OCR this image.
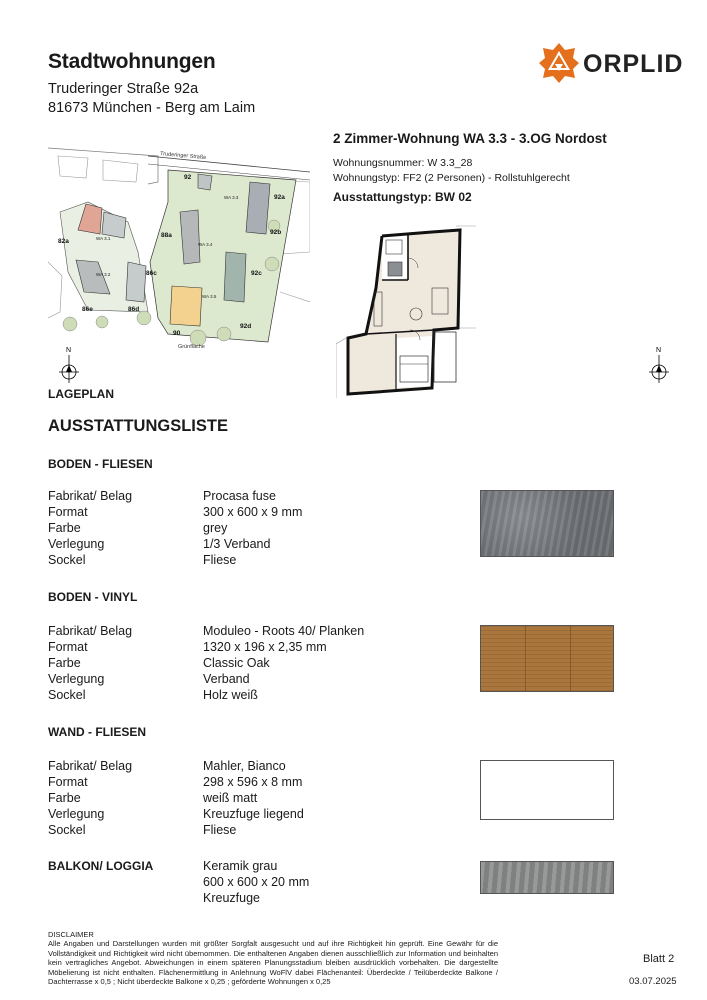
Stadtwohnungen
Truderinger Straße 92a
81673 München - Berg am Laim
ORPLID
2 Zimmer-Wohnung WA 3.3 - 3.OG Nordost
Wohnungsnummer: W 3.3_28
Wohnungstyp: FF2 (2 Personen) - Rollstuhlgerecht
Ausstattungstyp: BW 02
Truderinger Straße
92
92a
92b
92c
92d
88a
86c
86d
86e
82a
90
WA 3.1
WA 3.2
WA 3.3
WA 3.4
WA 3.5
Grünfläche
N	N
LAGEPLAN
AUSSTATTUNGSLISTE
BODEN - FLIESEN
Fabrikat/ Belag	Procasa fuse
Format	300 x 600 x 9 mm
Farbe	grey
Verlegung	1/3 Verband
Sockel	Fliese
BODEN - VINYL
Fabrikat/ Belag	Moduleo - Roots 40/ Planken
Format	1320 x 196 x 2,35 mm
Farbe	Classic Oak
Verlegung	Verband
Sockel	Holz weiß
WAND - FLIESEN
Fabrikat/ Belag	Mahler, Bianco
Format	298 x 596 x 8 mm
Farbe	weiß matt
Verlegung	Kreuzfuge liegend
Sockel	Fliese
BALKON/ LOGGIA	Keramik grau
600 x 600 x 20 mm
Kreuzfuge
DISCLAIMER
Alle Angaben und Darstellungen wurden mit größter Sorgfalt ausgesucht und auf ihre Richtigkeit hin geprüft. Eine Gewähr für die Vollständigkeit und Richtigkeit wird nicht übernommen. Die enthaltenen Angaben dienen ausschließlich zur Information und beinhalten kein vertragliches Angebot. Abweichungen in einem späteren Planungsstadium bleiben ausdrücklich vorbehalten. Die dargestellte Möbelierung ist nicht enthalten. Flächenermittlung in Anlehnung WoFlV dabei Flächenanteil: Überdeckte / Teilüberdeckte Balkone / Dachterrasse x 0,5 ; Nicht überdeckte Balkone x 0,25 ; geförderte Wohnungen x 0,25
Blatt 2
03.07.2025
